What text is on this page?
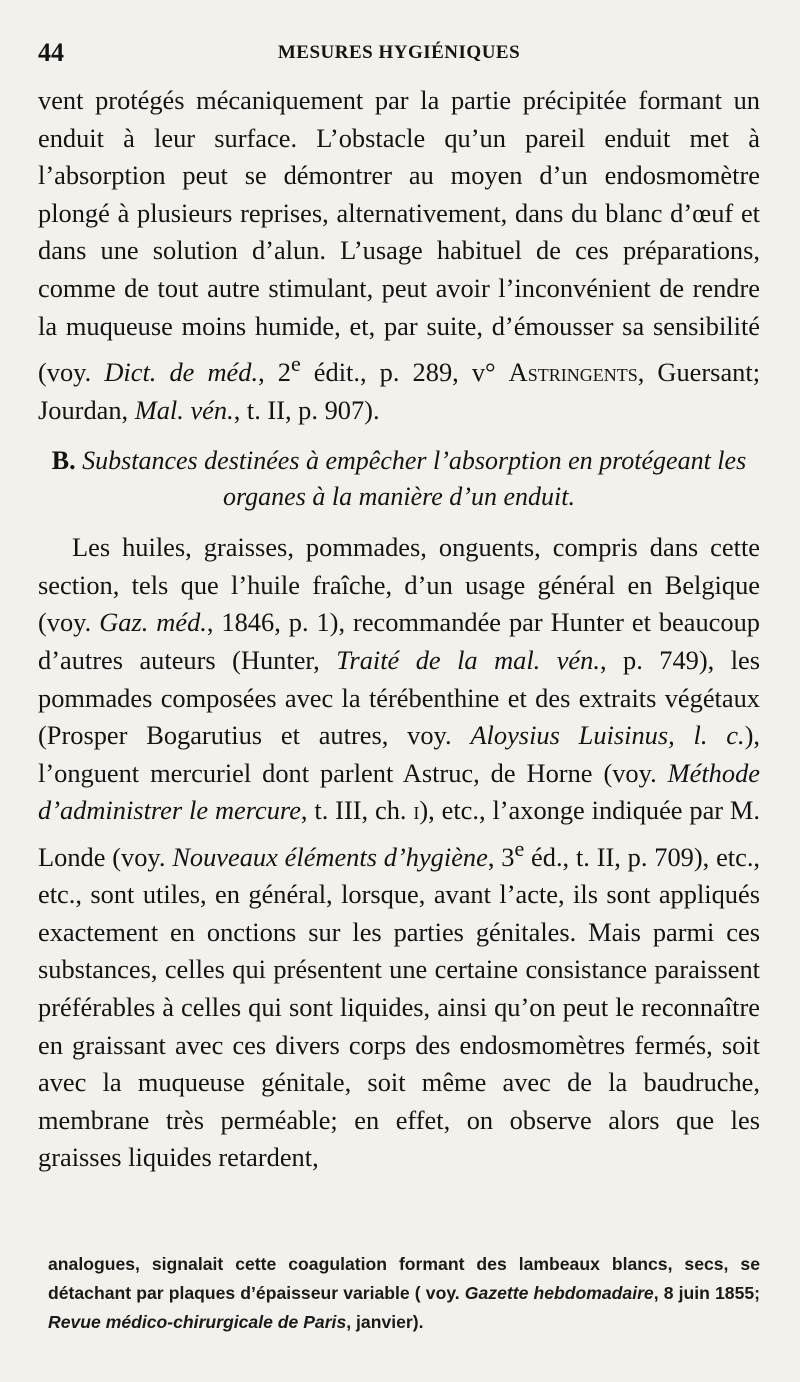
44	MESURES HYGIÉNIQUES

vent protégés mécaniquement par la partie précipitée formant un enduit à leur surface. L’obstacle qu’un pareil enduit met à l’absorption peut se démontrer au moyen d’un endosmomètre plongé à plusieurs reprises, alternativement, dans du blanc d’œuf et dans une solution d’alun. L’usage habituel de ces préparations, comme de tout autre stimulant, peut avoir l’inconvénient de rendre la muqueuse moins humide, et, par suite, d’émousser sa sensibilité (voy. Dict. de méd., 2e édit., p. 289, v° Astringents, Guersant; Jourdan, Mal. vén., t. II, p. 907).

B. Substances destinées à empêcher l’absorption en protégeant les organes à la manière d’un enduit.

Les huiles, graisses, pommades, onguents, compris dans cette section, tels que l’huile fraîche, d’un usage général en Belgique (voy. Gaz. méd., 1846, p. 1), recommandée par Hunter et beaucoup d’autres auteurs (Hunter, Traité de la mal. vén., p. 749), les pommades composées avec la térébenthine et des extraits végétaux (Prosper Bogarutius et autres, voy. Aloysius Luisinus, l. c.), l’onguent mercuriel dont parlent Astruc, de Horne (voy. Méthode d’administrer le mercure, t. III, ch. i), etc., l’axonge indiquée par M. Londe (voy. Nouveaux éléments d’hygiène, 3e éd., t. II, p. 709), etc., etc., sont utiles, en général, lorsque, avant l’acte, ils sont appliqués exactement en onctions sur les parties génitales. Mais parmi ces substances, celles qui présentent une certaine consistance paraissent préférables à celles qui sont liquides, ainsi qu’on peut le reconnaître en graissant avec ces divers corps des endosmomètres fermés, soit avec la muqueuse génitale, soit même avec de la baudruche, membrane très perméable; en effet, on observe alors que les graisses liquides retardent,

analogues, signalait cette coagulation formant des lambeaux blancs, secs, se détachant par plaques d’épaisseur variable ( voy. Gazette hebdomadaire, 8 juin 1855; Revue médico-chirurgicale de Paris, janvier).
